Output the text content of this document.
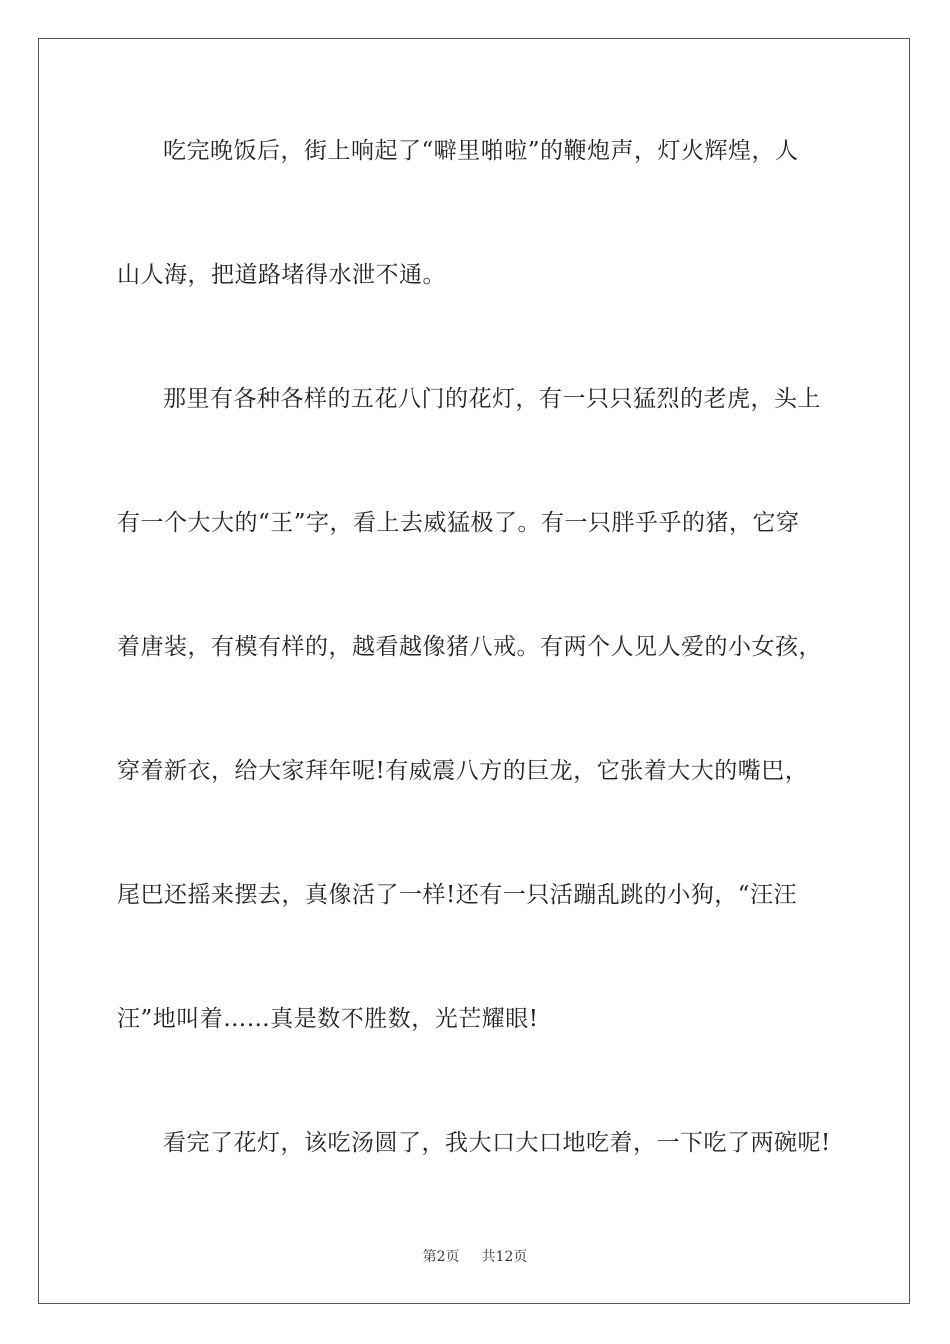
吃完晚饭后，街上响起了“噼里啪啦”的鞭炮声，灯火辉煌，人
山人海，把道路堵得水泄不通。
那里有各种各样的五花八门的花灯，有一只只猛烈的老虎，头上
有一个大大的“王”字，看上去威猛极了。有一只胖乎乎的猪，它穿
着唐装，有模有样的，越看越像猪八戒。有两个人见人爱的小女孩，
穿着新衣，给大家拜年呢!有威震八方的巨龙，它张着大大的嘴巴，
尾巴还摇来摆去，真像活了一样!还有一只活蹦乱跳的小狗，“汪汪
汪”地叫着……真是数不胜数，光芒耀眼!
看完了花灯，该吃汤圆了，我大口大口地吃着，一下吃了两碗呢!
第2页 共12页
